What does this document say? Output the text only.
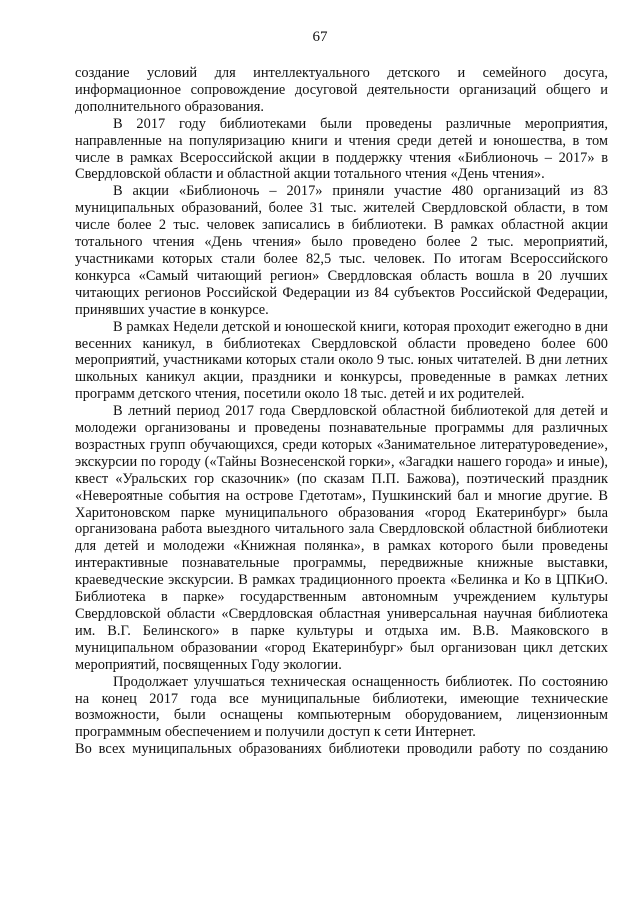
67

создание условий для интеллектуального детского и семейного досуга, информационное сопровождение досуговой деятельности организаций общего и дополнительного образования.

В 2017 году библиотеками были проведены различные мероприятия, направленные на популяризацию книги и чтения среди детей и юношества, в том числе в рамках Всероссийской акции в поддержку чтения «Библионочь – 2017» в Свердловской области и областной акции тотального чтения «День чтения».

В акции «Библионочь – 2017» приняли участие 480 организаций из 83 муниципальных образований, более 31 тыс. жителей Свердловской области, в том числе более 2 тыс. человек записались в библиотеки. В рамках областной акции тотального чтения «День чтения» было проведено более 2 тыс. мероприятий, участниками которых стали более 82,5 тыс. человек. По итогам Всероссийского конкурса «Самый читающий регион» Свердловская область вошла в 20 лучших читающих регионов Российской Федерации из 84 субъектов Российской Федерации, принявших участие в конкурсе.

В рамках Недели детской и юношеской книги, которая проходит ежегодно в дни весенних каникул, в библиотеках Свердловской области проведено более 600 мероприятий, участниками которых стали около 9 тыс. юных читателей. В дни летних школьных каникул акции, праздники и конкурсы, проведенные в рамках летних программ детского чтения, посетили около 18 тыс. детей и их родителей.

В летний период 2017 года Свердловской областной библиотекой для детей и молодежи организованы и проведены познавательные программы для различных возрастных групп обучающихся, среди которых «Занимательное литературоведение», экскурсии по городу («Тайны Вознесенской горки», «Загадки нашего города» и иные), квест «Уральских гор сказочник» (по сказам П.П. Бажова), поэтический праздник «Невероятные события на острове Гдетотам», Пушкинский бал и многие другие. В Харитоновском парке муниципального образования «город Екатеринбург» была организована работа выездного читального зала Свердловской областной библиотеки для детей и молодежи «Книжная полянка», в рамках которого были проведены интерактивные познавательные программы, передвижные книжные выставки, краеведческие экскурсии. В рамках традиционного проекта «Белинка и Ко в ЦПКиО. Библиотека в парке» государственным автономным учреждением культуры Свердловской области «Свердловская областная универсальная научная библиотека им. В.Г. Белинского» в парке культуры и отдыха им. В.В. Маяковского в муниципальном образовании «город Екатеринбург» был организован цикл детских мероприятий, посвященных Году экологии.

Продолжает улучшаться техническая оснащенность библиотек. По состоянию на конец 2017 года все муниципальные библиотеки, имеющие технические возможности, были оснащены компьютерным оборудованием, лицензионным программным обеспечением и получили доступ к сети Интернет.

Во всех муниципальных образованиях библиотеки проводили работу по созданию
